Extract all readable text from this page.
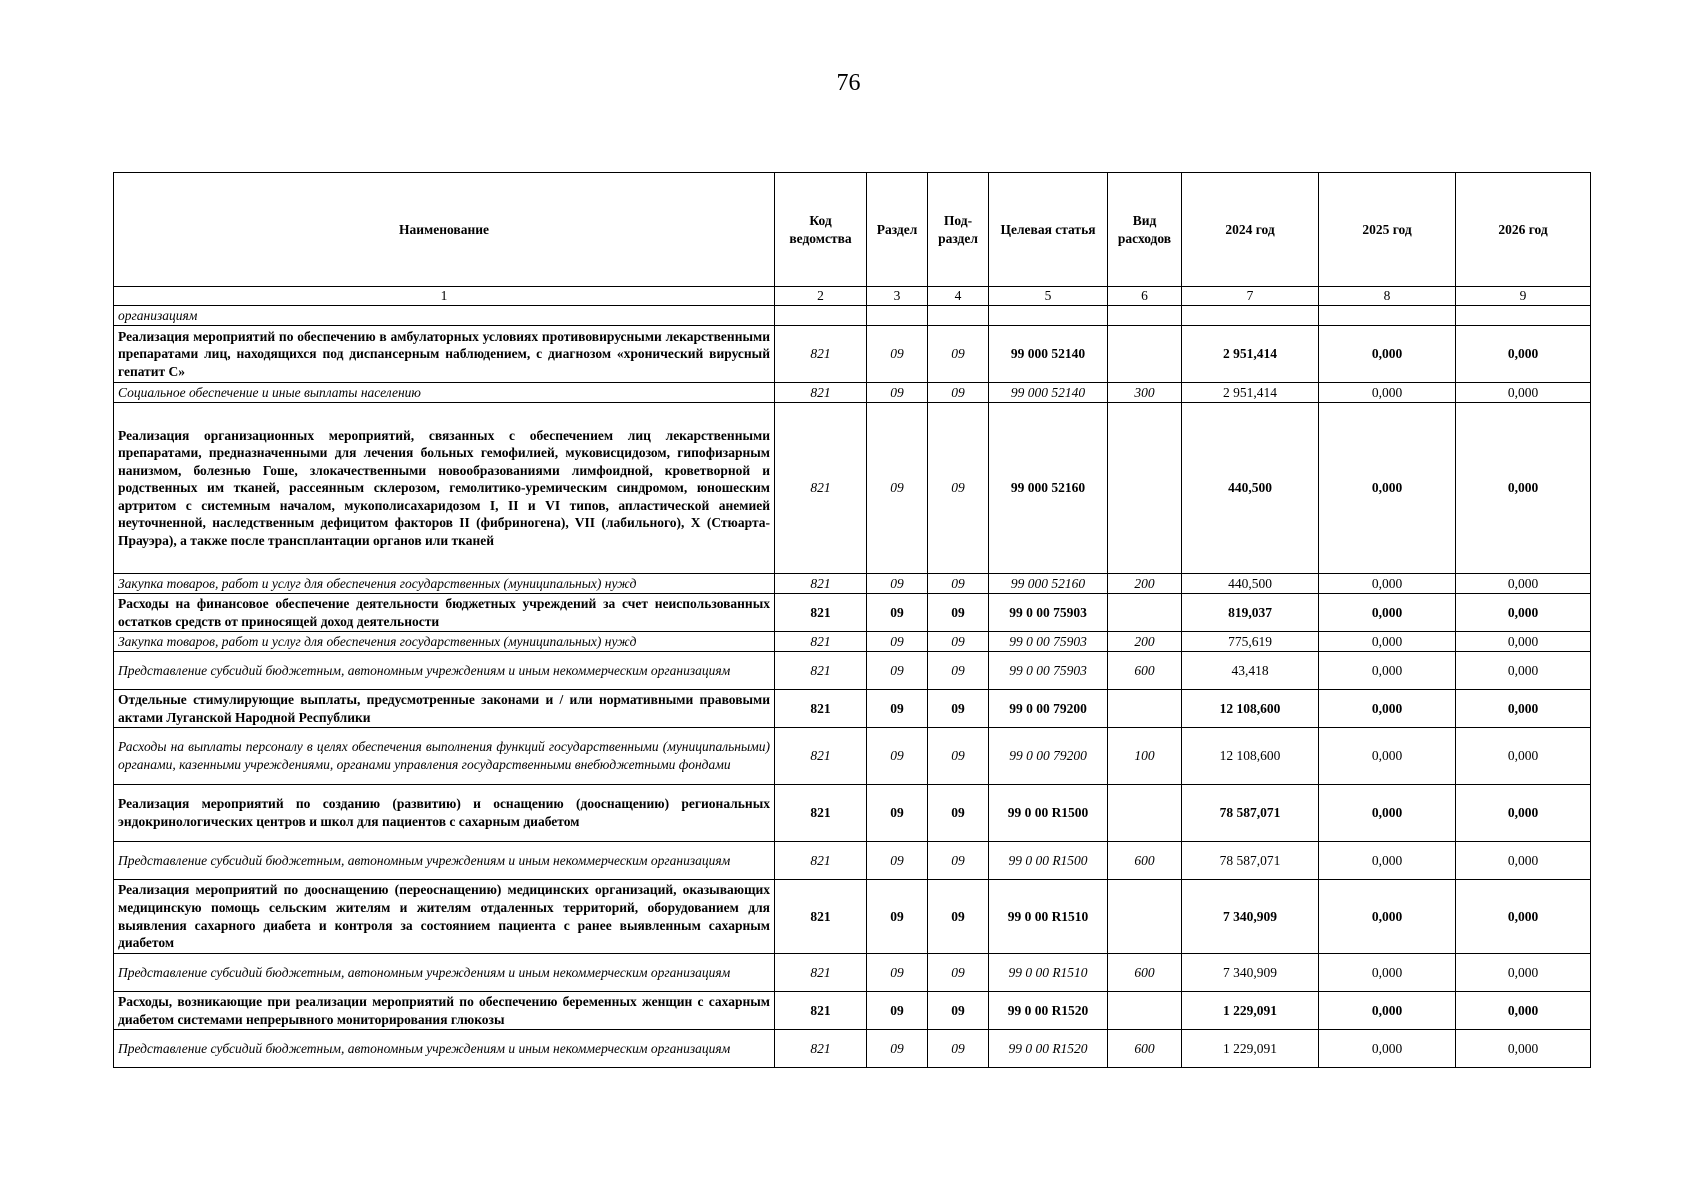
76
Наименование	Код ведомства	Раздел	Под-раздел	Целевая статья	Вид расходов	2024 год	2025 год	2026 год
1	2	3	4	5	6	7	8	9
организациям								
Реализация мероприятий по обеспечению в амбулаторных условиях противовирусными лекарственными препаратами лиц, находящихся под диспансерным наблюдением, с диагнозом «хронический вирусный гепатит С»	821	09	09	99 000 52140		2 951,414	0,000	0,000
Социальное обеспечение и иные выплаты населению	821	09	09	99 000 52140	300	2 951,414	0,000	0,000
Реализация организационных мероприятий, связанных с обеспечением лиц лекарственными препаратами, предназначенными для лечения больных гемофилией, муковисцидозом, гипофизарным нанизмом, болезнью Гоше, злокачественными новообразованиями лимфоидной, кроветворной и родственных им тканей, рассеянным склерозом, гемолитико-уремическим синдромом, юношеским артритом с системным началом, мукополисахаридозом I, II и VI типов, апластической анемией неуточненной, наследственным дефицитом факторов II (фибриногена), VII (лабильного), X (Стюарта-Прауэра), а также после трансплантации органов или тканей	821	09	09	99 000 52160		440,500	0,000	0,000
Закупка товаров, работ и услуг для обеспечения государственных (муниципальных) нужд	821	09	09	99 000 52160	200	440,500	0,000	0,000
Расходы на финансовое обеспечение деятельности бюджетных учреждений за счет неиспользованных остатков средств от приносящей доход деятельности	821	09	09	99 0 00 75903		819,037	0,000	0,000
Закупка товаров, работ и услуг для обеспечения государственных (муниципальных) нужд	821	09	09	99 0 00 75903	200	775,619	0,000	0,000
Представление субсидий бюджетным, автономным учреждениям и иным некоммерческим организациям	821	09	09	99 0 00 75903	600	43,418	0,000	0,000
Отдельные стимулирующие выплаты, предусмотренные законами и / или нормативными правовыми актами Луганской Народной Республики	821	09	09	99 0 00 79200		12 108,600	0,000	0,000
Расходы на выплаты персоналу в целях обеспечения выполнения функций государственными (муниципальными) органами, казенными учреждениями, органами управления государственными внебюджетными фондами	821	09	09	99 0 00 79200	100	12 108,600	0,000	0,000
Реализация мероприятий по созданию (развитию) и оснащению (дооснащению) региональных эндокринологических центров и школ для пациентов с сахарным диабетом	821	09	09	99 0 00 R1500		78 587,071	0,000	0,000
Представление субсидий бюджетным, автономным учреждениям и иным некоммерческим организациям	821	09	09	99 0 00 R1500	600	78 587,071	0,000	0,000
Реализация мероприятий по дооснащению (переоснащению) медицинских организаций, оказывающих медицинскую помощь сельским жителям и жителям отдаленных территорий, оборудованием для выявления сахарного диабета и контроля за состоянием пациента с ранее выявленным сахарным диабетом	821	09	09	99 0 00 R1510		7 340,909	0,000	0,000
Представление субсидий бюджетным, автономным учреждениям и иным некоммерческим организациям	821	09	09	99 0 00 R1510	600	7 340,909	0,000	0,000
Расходы, возникающие при реализации мероприятий по обеспечению беременных женщин с сахарным диабетом системами непрерывного мониторирования глюкозы	821	09	09	99 0 00 R1520		1 229,091	0,000	0,000
Представление субсидий бюджетным, автономным учреждениям и иным некоммерческим организациям	821	09	09	99 0 00 R1520	600	1 229,091	0,000	0,000
